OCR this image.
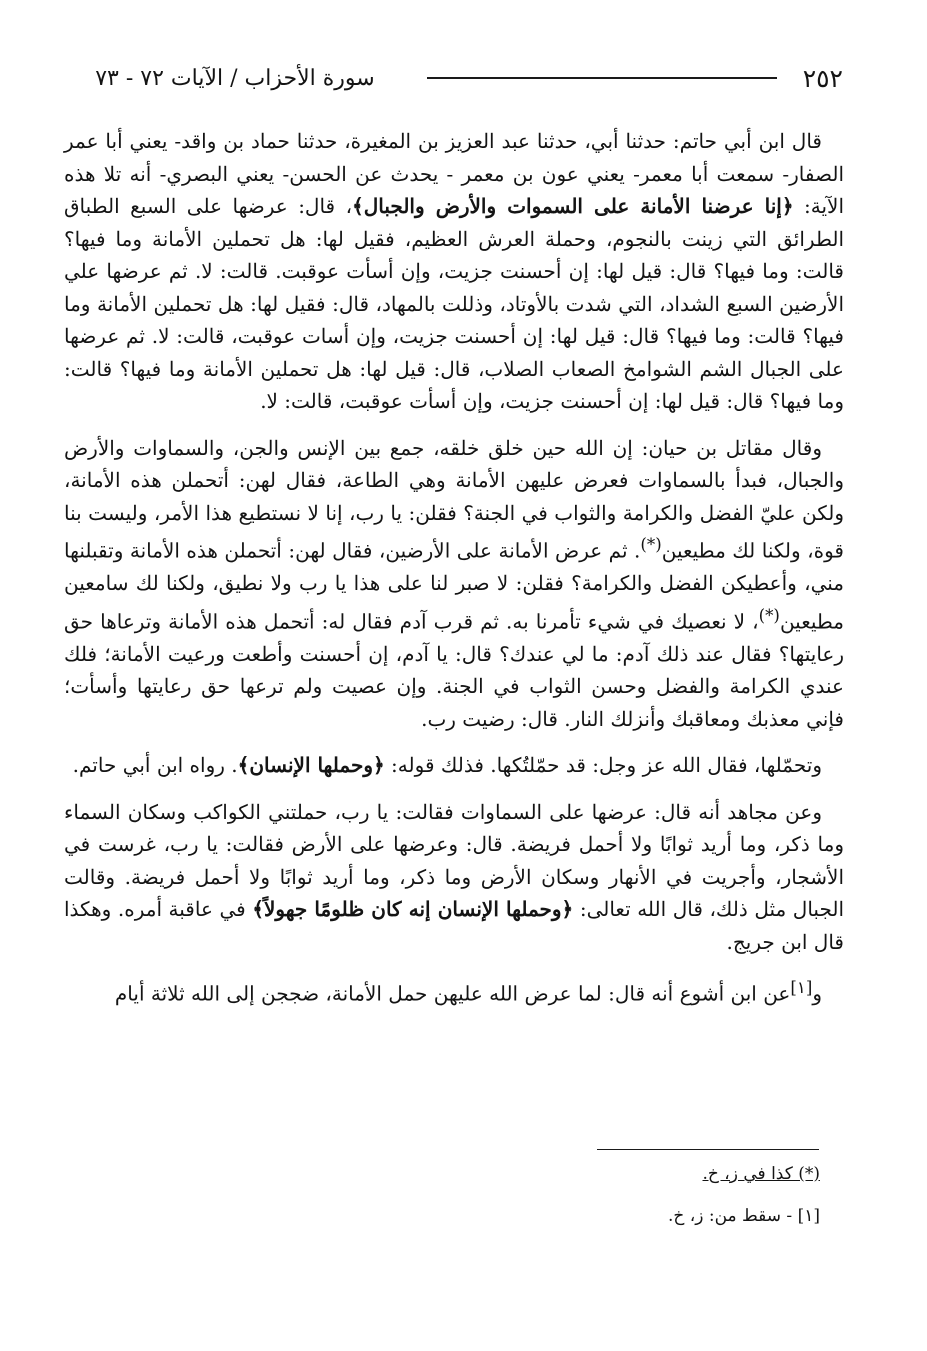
٢٥٢
سورة الأحزاب / الآيات ٧٢ - ٧٣

قال ابن أبي حاتم: حدثنا أبي، حدثنا عبد العزيز بن المغيرة، حدثنا حماد بن واقد- يعني أبا عمر الصفار- سمعت أبا معمر- يعني عون بن معمر - يحدث عن الحسن- يعني البصري- أنه تلا هذه الآية: ﴿إنا عرضنا الأمانة على السموات والأرض والجبال﴾، قال: عرضها على السبع الطباق الطرائق التي زينت بالنجوم، وحملة العرش العظيم، فقيل لها: هل تحملين الأمانة وما فيها؟ قالت: وما فيها؟ قال: قيل لها: إن أحسنت جزيت، وإن أسأت عوقبت. قالت: لا. ثم عرضها علي الأرضين السبع الشداد، التي شدت بالأوتاد، وذللت بالمهاد، قال: فقيل لها: هل تحملين الأمانة وما فيها؟ قالت: وما فيها؟ قال: قيل لها: إن أحسنت جزيت، وإن أسات عوقبت، قالت: لا. ثم عرضها على الجبال الشم الشوامخ الصعاب الصلاب، قال: قيل لها: هل تحملين الأمانة وما فيها؟ قالت: وما فيها؟ قال: قيل لها: إن أحسنت جزيت، وإن أسأت عوقبت، قالت: لا.

وقال مقاتل بن حيان: إن الله حين خلق خلقه، جمع بين الإنس والجن، والسماوات والأرض والجبال، فبدأ بالسماوات فعرض عليهن الأمانة وهي الطاعة، فقال لهن: أتحملن هذه الأمانة، ولكن عليّ الفضل والكرامة والثواب في الجنة؟ فقلن: يا رب، إنا لا نستطيع هذا الأمر، وليست بنا قوة، ولكنا لك مطيعين(*). ثم عرض الأمانة على الأرضين، فقال لهن: أتحملن هذه الأمانة وتقبلنها مني، وأعطيكن الفضل والكرامة؟ فقلن: لا صبر لنا على هذا يا رب ولا نطيق، ولكنا لك سامعين مطيعين(*)، لا نعصيك في شيء تأمرنا به. ثم قرب آدم فقال له: أتحمل هذه الأمانة وترعاها حق رعايتها؟ فقال عند ذلك آدم: ما لي عندك؟ قال: يا آدم، إن أحسنت وأطعت ورعيت الأمانة؛ فلك عندي الكرامة والفضل وحسن الثواب في الجنة. وإن عصيت ولم ترعها حق رعايتها وأسأت؛ فإني معذبك ومعاقبك وأنزلك النار. قال: رضيت رب.

وتحمّلها، فقال الله عز وجل: قد حمّلتُكها. فذلك قوله: ﴿وحملها الإنسان﴾. رواه ابن أبي حاتم.

وعن مجاهد أنه قال: عرضها على السماوات فقالت: يا رب، حملتني الكواكب وسكان السماء وما ذكر، وما أريد ثوابًا ولا أحمل فريضة. قال: وعرضها على الأرض فقالت: يا رب، غرست في الأشجار، وأجريت في الأنهار وسكان الأرض وما ذكر، وما أريد ثوابًا ولا أحمل فريضة. وقالت الجبال مثل ذلك، قال الله تعالى: ﴿وحملها الإنسان إنه كان ظلومًا جهولاً﴾ في عاقبة أمره. وهكذا قال ابن جريج.

و[١]عن ابن أشوع أنه قال: لما عرض الله عليهن حمل الأمانة، ضججن إلى الله ثلاثة أيام

(*) كذا في ز، خ.

[١] - سقط من: ز، خ.
